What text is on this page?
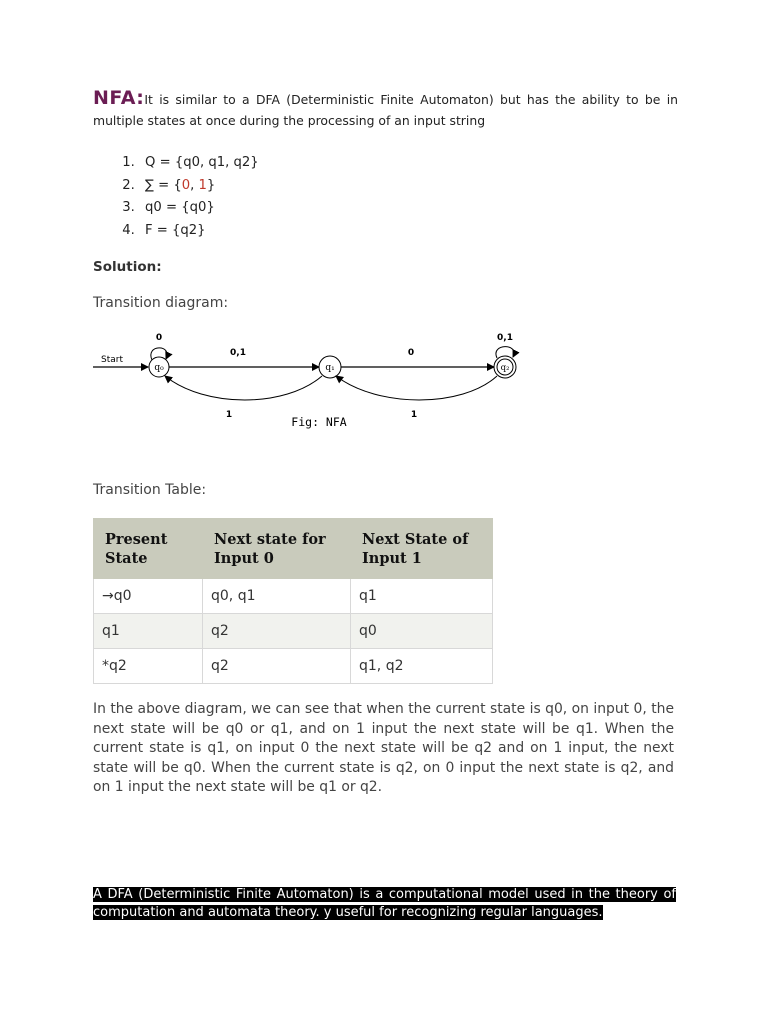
NFA:It is similar to a DFA (Deterministic Finite Automaton) but has the ability to be in multiple states at once during the processing of an input string
1. Q = {q0, q1, q2}
2. ∑ = {0, 1}
3. q0 = {q0}
4. F = {q2}
Solution:
Transition diagram:
Start
q₀
0
0,1
q₁
1
0
q₂
0,1
1
Fig: NFA
Transition Table:
Present State	Next state for Input 0	Next State of Input 1
→q0	q0, q1	q1
q1	q2	q0
*q2	q2	q1, q2
In the above diagram, we can see that when the current state is q0, on input 0, the next state will be q0 or q1, and on 1 input the next state will be q1. When the current state is q1, on input 0 the next state will be q2 and on 1 input, the next state will be q0. When the current state is q2, on 0 input the next state is q2, and on 1 input the next state will be q1 or q2.
A DFA (Deterministic Finite Automaton) is a computational model used in the theory of computation and automata theory. y useful for recognizing regular languages.
